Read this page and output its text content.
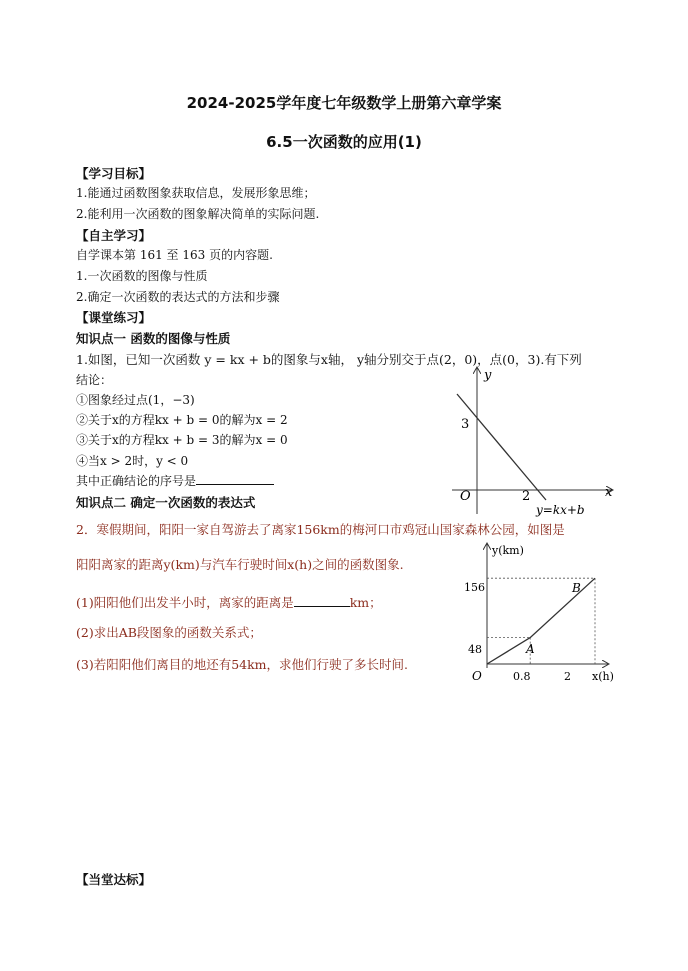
2024-2025学年度七年级数学上册第六章学案
6.5一次函数的应用(1)
【学习目标】
1.能通过函数图象获取信息，发展形象思维；
2.能利用一次函数的图象解决简单的实际问题.
【自主学习】
自学课本第 161 至 163 页的内容题.
1.一次函数的图像与性质
2.确定一次函数的表达式的方法和步骤
【课堂练习】
知识点一 函数的图像与性质
1.如图，已知一次函数 y = kx + b的图象与x轴， y轴分别交于点(2，0)，点(0，3).有下列
结论：
①图象经过点(1，−3)
②关于x的方程kx + b = 0的解为x = 2
③关于x的方程kx + b = 3的解为x = 0
④当x > 2时，y < 0
其中正确结论的序号是
y
x
O
3
2
y=kx+b
知识点二 确定一次函数的表达式
2．寒假期间，阳阳一家自驾游去了离家156km的梅河口市鸡冠山国家森林公园，如图是
阳阳离家的距离y(km)与汽车行驶时间x(h)之间的函数图象.
(1)阳阳他们出发半小时，离家的距离是	km；
(2)求出AB段图象的函数关系式；
(3)若阳阳他们离目的地还有54km，求他们行驶了多长时间.
y(km)
x(h)
O
156
48
0.8	2
A
B
【当堂达标】
